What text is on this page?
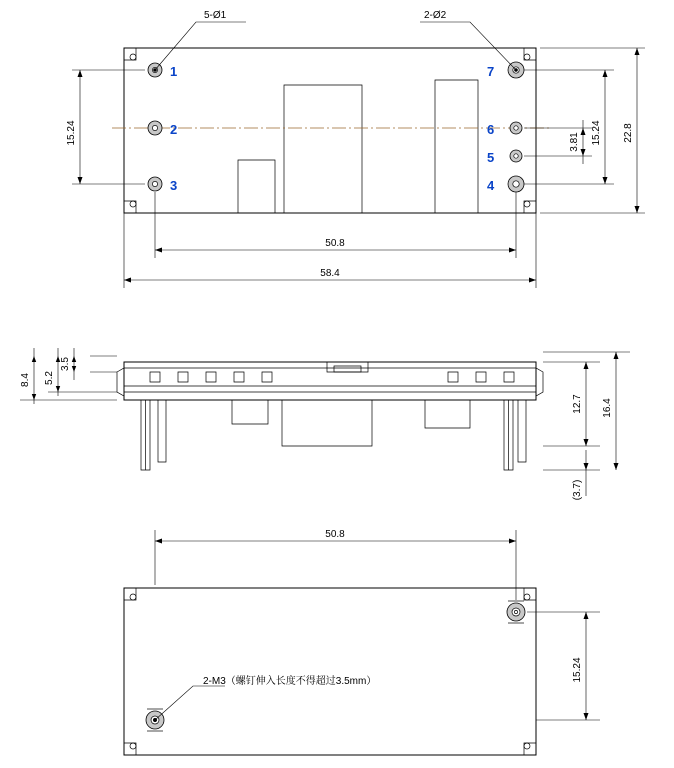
1
2
3	4
5
6
7
5-Ø1	2-Ø2
15.24	3.81 15.24 22.8
50.8
58.4
3.5
5.2
8.4
12.7 16.4
(3.7)
2-M3（螺钉伸入长度不得超过3.5mm）
50.8
15.24
